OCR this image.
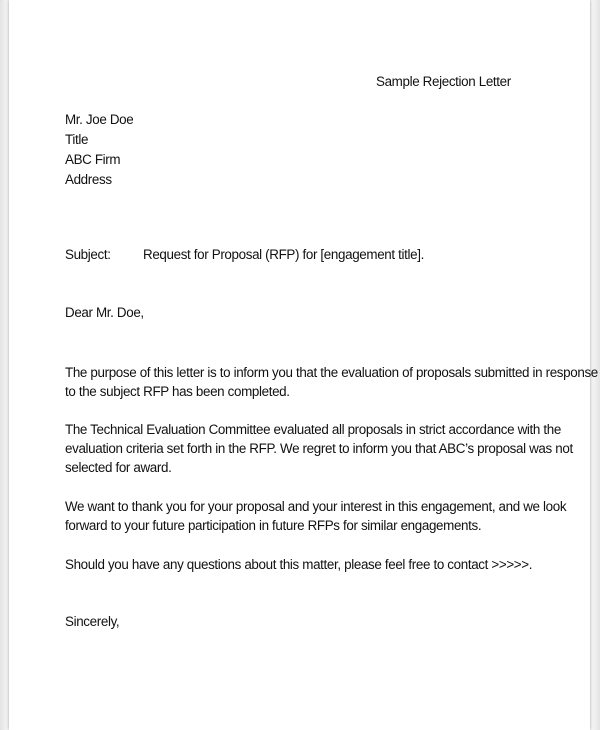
Sample Rejection Letter
Mr. Joe Doe
Title
ABC Firm
Address
Subject: Request for Proposal (RFP) for [engagement title].
Dear Mr. Doe,
The purpose of this letter is to inform you that the evaluation of proposals submitted in response
to the subject RFP has been completed.
The Technical Evaluation Committee evaluated all proposals in strict accordance with the
evaluation criteria set forth in the RFP. We regret to inform you that ABC’s proposal was not
selected for award.
We want to thank you for your proposal and your interest in this engagement, and we look
forward to your future participation in future RFPs for similar engagements.
Should you have any questions about this matter, please feel free to contact >>>>>.
Sincerely,
